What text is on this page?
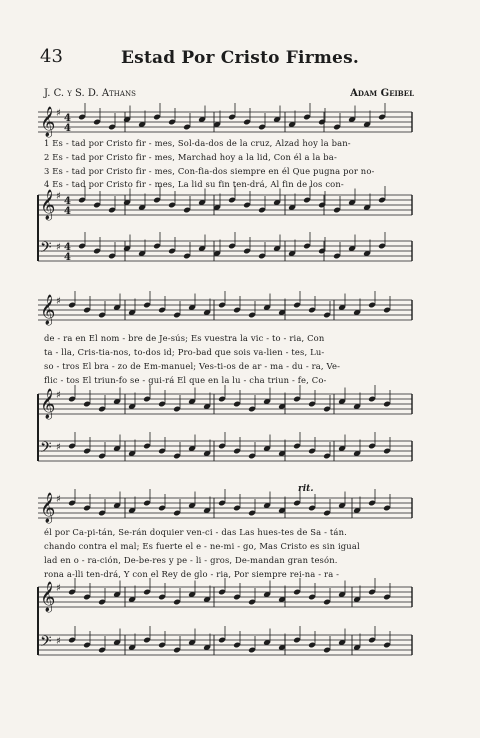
43	Estad Por Cristo Firmes.
J. C. y S. D. Athans	Adam Geibel
𝄞 ♯ 4
4
𝄞 ♯ 4
4
𝄢 ♯ 4
4
𝄞 ♯
𝄞 ♯
𝄢 ♯
𝄞 ♯
𝄞 ♯
𝄢 ♯
1 Es - tad por Cristo fir - mes, Sol-da-dos de la cruz, Alzad hoy la ban-
2 Es - tad por Cristo fir - mes, Marchad hoy a la lid, Con él a la ba-
3 Es - tad por Cristo fir - mes, Con-fia-dos siempre en él Que pugna por no-
4 Es - tad por Cristo fir - mes, La lid su fin ten-drá, Al fin de los con-
de - ra en El nom - bre de Je-sús; Es vuestra la vic - to - ria, Con
ta - lla, Cris-tia-nos, to-dos id; Pro-bad que sois va-lien - tes, Lu-
so - tros El bra - zo de Em-manuel; Ves-ti-os de ar - ma - du - ra, Ve-
flic - tos El triun-fo se - gui-rá El que en la lu - cha triun - fe, Co-
rit.
él por Ca-pi-tán, Se-rán doquier ven-ci - das Las hues-tes de Sa - tán.
chando contra el mal; Es fuerte el e - ne-mi - go, Mas Cristo es sin igual
lad en o - ra-ción, De-be-res y pe - li - gros, De-mandan gran tesón.
rona a-lli ten-drá, Y con el Rey de glo - ria, Por siempre rei-na - ra -
